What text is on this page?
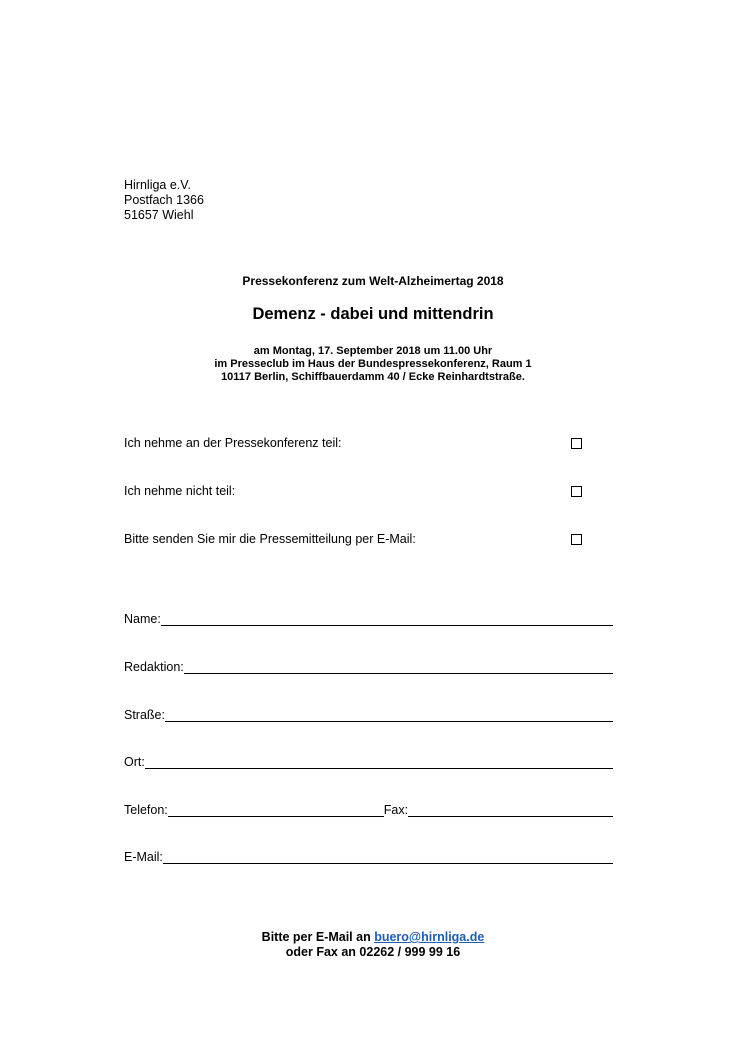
Hirnliga e.V.
Postfach 1366
51657 Wiehl
Pressekonferenz zum Welt-Alzheimertag 2018
Demenz - dabei und mittendrin
am Montag, 17. September 2018 um 11.00 Uhr
im Presseclub im Haus der Bundespressekonferenz, Raum 1
10117 Berlin, Schiffbauerdamm 40 / Ecke Reinhardtstraße.
Ich nehme an der Pressekonferenz teil:
Ich nehme nicht teil:
Bitte senden Sie mir die Pressemitteilung per E-Mail:
Name:
Redaktion:
Straße:
Ort:
Telefon:	Fax:
E-Mail:
Bitte per E-Mail an buero@hirnliga.de
oder Fax an 02262 / 999 99 16
